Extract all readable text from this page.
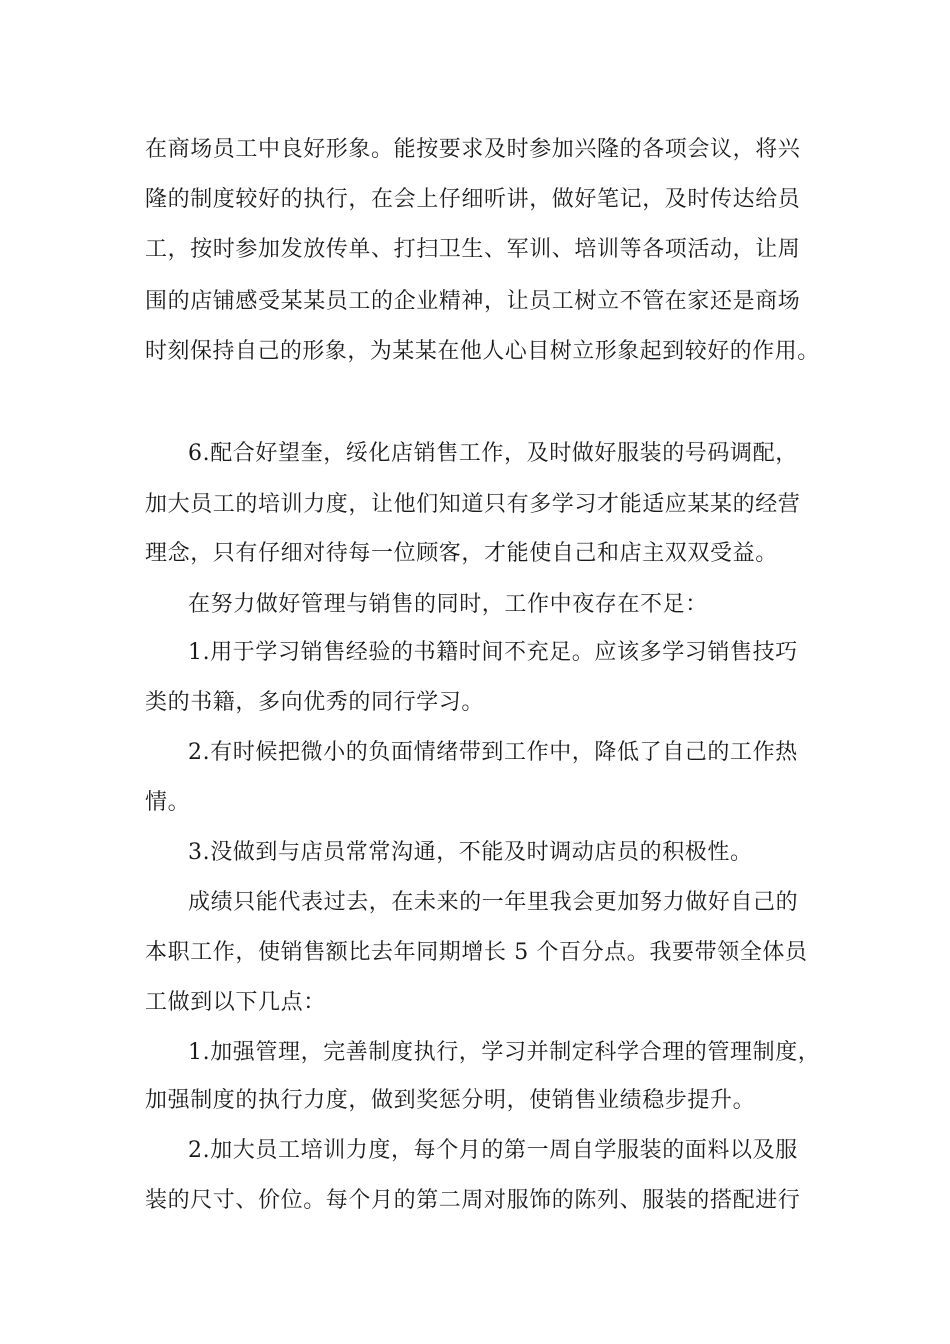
在商场员工中良好形象。能按要求及时参加兴隆的各项会议，将兴
隆的制度较好的执行，在会上仔细听讲，做好笔记，及时传达给员
工，按时参加发放传单、打扫卫生、军训、培训等各项活动，让周
围的店铺感受某某员工的企业精神，让员工树立不管在家还是商场
时刻保持自己的形象，为某某在他人心目树立形象起到较好的作用。
6.配合好望奎，绥化店销售工作，及时做好服装的号码调配，
加大员工的培训力度，让他们知道只有多学习才能适应某某的经营
理念，只有仔细对待每一位顾客，才能使自己和店主双双受益。
在努力做好管理与销售的同时，工作中夜存在不足：
1.用于学习销售经验的书籍时间不充足。应该多学习销售技巧
类的书籍，多向优秀的同行学习。
2.有时候把微小的负面情绪带到工作中，降低了自己的工作热
情。
3.没做到与店员常常沟通，不能及时调动店员的积极性。
成绩只能代表过去，在未来的一年里我会更加努力做好自己的
本职工作，使销售额比去年同期增长 5 个百分点。我要带领全体员
工做到以下几点：
1.加强管理，完善制度执行，学习并制定科学合理的管理制度，
加强制度的执行力度，做到奖惩分明，使销售业绩稳步提升。
2.加大员工培训力度，每个月的第一周自学服装的面料以及服
装的尺寸、价位。每个月的第二周对服饰的陈列、服装的搭配进行
